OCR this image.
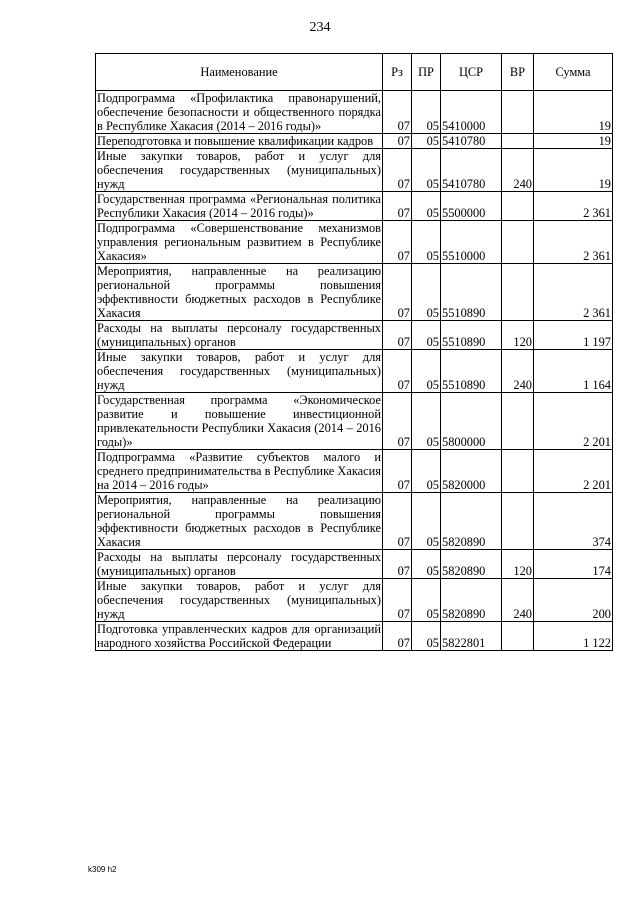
234
Наименование	Рз	ПР	ЦСР	ВР	Сумма
Подпрограмма «Профилактика правонарушений, обеспечение безопасности и общественного порядка в Республике Хакасия (2014 – 2016 годы)»	07	05	5410000		19
Переподготовка и повышение квалификации кадров	07	05	5410780		19
Иные закупки товаров, работ и услуг для обеспечения государственных (муниципальных) нужд	07	05	5410780	240	19
Государственная программа «Региональная политика Республики Хакасия (2014 – 2016 годы)»	07	05	5500000		2 361
Подпрограмма «Совершенствование механизмов управления региональным развитием в Республике Хакасия»	07	05	5510000		2 361
Мероприятия, направленные на реализацию региональной программы повышения эффективности бюджетных расходов в Республике Хакасия	07	05	5510890		2 361
Расходы на выплаты персоналу государственных (муниципальных) органов	07	05	5510890	120	1 197
Иные закупки товаров, работ и услуг для обеспечения государственных (муниципальных) нужд	07	05	5510890	240	1 164
Государственная программа «Экономическое развитие и повышение инвестиционной привлекательности Республики Хакасия (2014 – 2016 годы)»	07	05	5800000		2 201
Подпрограмма «Развитие субъектов малого и среднего предпринимательства в Республике Хакасия на 2014 – 2016 годы»	07	05	5820000		2 201
Мероприятия, направленные на реализацию региональной программы повышения эффективности бюджетных расходов в Республике Хакасия	07	05	5820890		374
Расходы на выплаты персоналу государственных (муниципальных) органов	07	05	5820890	120	174
Иные закупки товаров, работ и услуг для обеспечения государственных (муниципальных) нужд	07	05	5820890	240	200
Подготовка управленческих кадров для организаций народного хозяйства Российской Федерации	07	05	5822801		1 122
k309 h2
